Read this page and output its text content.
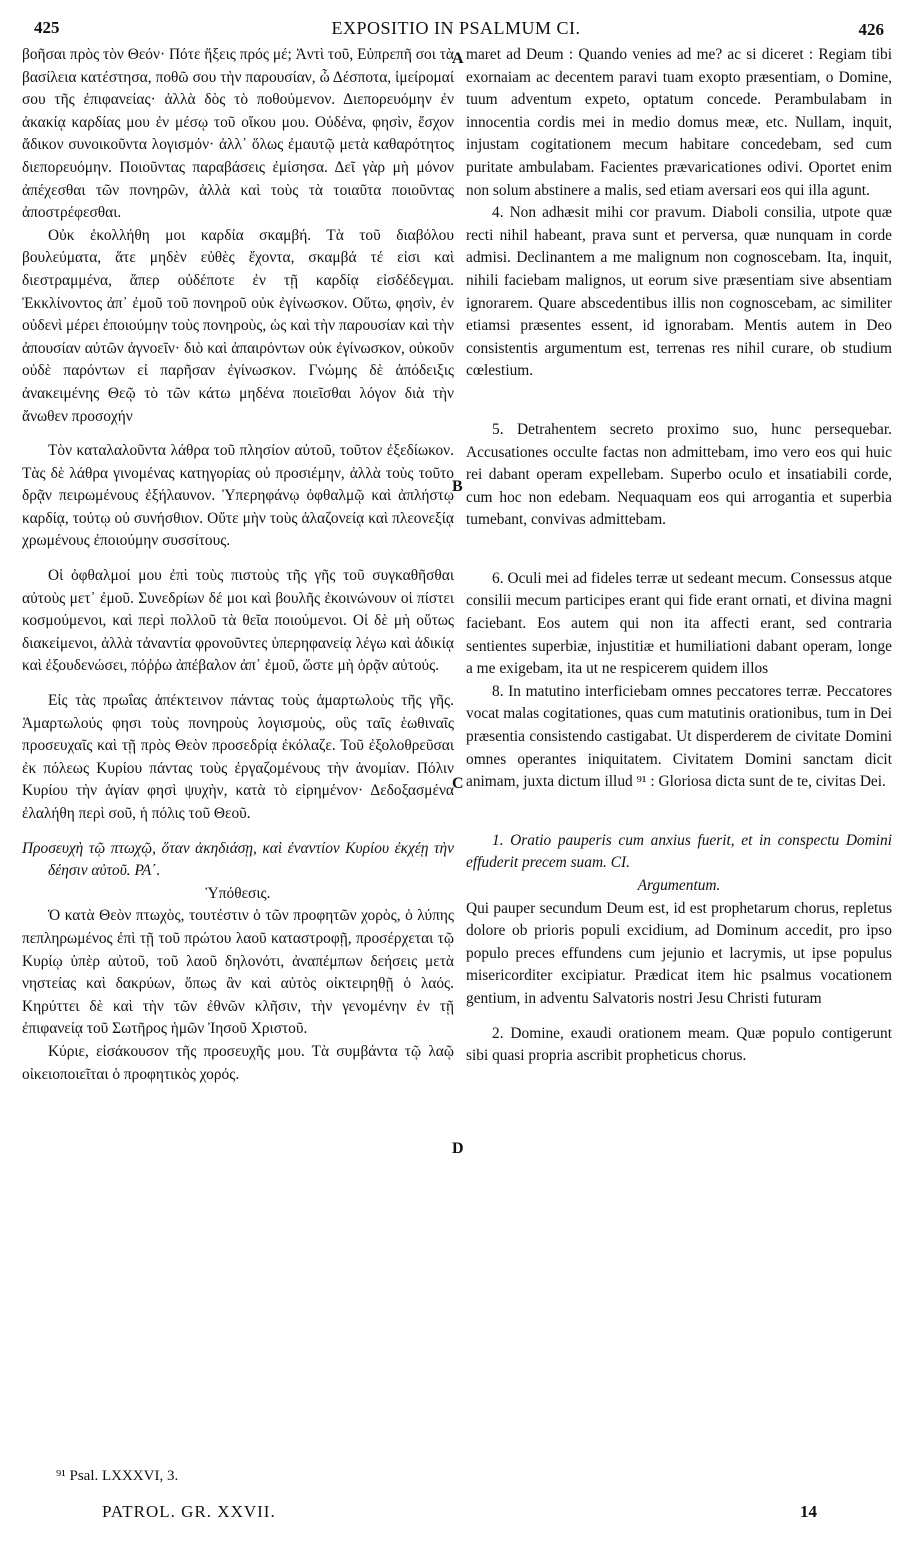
425	EXPOSITIO IN PSALMUM CI.	426

βοῆσαι πρὸς τὸν Θεόν· Πότε ἥξεις πρός μέ; Ἀντὶ τοῦ, Εὐπρεπῆ σοι τὰ βασίλεια κατέστησα, ποθῶ σου τὴν παρουσίαν, ὦ Δέσποτα, ἱμείρομαί σου τῆς ἐπιφανείας· ἀλλὰ δὸς τὸ ποθούμενον. Διεπορευόμην ἐν ἀκακίᾳ καρδίας μου ἐν μέσῳ τοῦ οἴκου μου. Οὐδένα, φησὶν, ἔσχον ἄδικον συνοικοῦντα λογισμόν· ἀλλ᾽ ὅλως ἐμαυτῷ μετὰ καθαρότητος διεπορευόμην. Ποιοῦντας παραβάσεις ἐμίσησα. Δεῖ γὰρ μὴ μόνον ἀπέχεσθαι τῶν πονηρῶν, ἀλλὰ καὶ τοὺς τὰ τοιαῦτα ποιοῦντας ἀποστρέφεσθαι.

Οὐκ ἐκολλήθη μοι καρδία σκαμβή. Τὰ τοῦ διαβόλου βουλεύματα, ἅτε μηδὲν εὐθὲς ἔχοντα, σκαμβά τέ εἰσι καὶ διεστραμμένα, ἅπερ οὐδέποτε ἐν τῇ καρδίᾳ εἰσδέδεγμαι. Ἐκκλίνοντος ἀπ᾽ ἐμοῦ τοῦ πονηροῦ οὐκ ἐγίνωσκον. Οὕτω, φησὶν, ἐν οὐδενὶ μέρει ἐποιούμην τοὺς πονηροὺς, ὡς καὶ τὴν παρουσίαν καὶ τὴν ἀπουσίαν αὐτῶν ἀγνοεῖν· διὸ καὶ ἀπαιρόντων οὐκ ἐγίνωσκον, οὐκοῦν οὐδὲ παρόντων εἰ παρῆσαν ἐγίνωσκον. Γνώμης δὲ ἀπόδειξις ἀνακειμένης Θεῷ τὸ τῶν κάτω μηδένα ποιεῖσθαι λόγον διὰ τὴν ἄνωθεν προσοχήν

Τὸν καταλαλοῦντα λάθρα τοῦ πλησίον αὐτοῦ, τοῦτον ἐξεδίωκον. Τὰς δὲ λάθρα γινομένας κατηγορίας οὐ προσιέμην, ἀλλὰ τοὺς τοῦτο δρᾷν πειρωμένους ἐξήλαυνον. Ὑπερηφάνῳ ὀφθαλμῷ καὶ ἀπλήστῳ καρδίᾳ, τούτῳ οὐ συνήσθιον. Οὔτε μὴν τοὺς ἀλαζονείᾳ καὶ πλεονεξίᾳ χρωμένους ἐποιούμην συσσίτους.

Οἱ ὀφθαλμοί μου ἐπὶ τοὺς πιστοὺς τῆς γῆς τοῦ συγκαθῆσθαι αὐτοὺς μετ᾽ ἐμοῦ. Συνεδρίων δέ μοι καὶ βουλῆς ἐκοινώνουν οἱ πίστει κοσμούμενοι, καὶ περὶ πολλοῦ τὰ θεῖα ποιούμενοι. Οἱ δὲ μὴ οὕτως διακείμενοι, ἀλλὰ τἀναντία φρονοῦντες ὑπερηφανείᾳ λέγω καὶ ἀδικίᾳ καὶ ἐξουδενώσει, πόῤῥω ἀπέβαλον ἀπ᾽ ἐμοῦ, ὥστε μὴ ὁρᾷν αὐτούς.

Εἰς τὰς πρωΐας ἀπέκτεινον πάντας τοὺς ἁμαρτωλοὺς τῆς γῆς. Ἁμαρτωλούς φησι τοὺς πονηροὺς λογισμοὺς, οὓς ταῖς ἑωθιναῖς προσευχαῖς καὶ τῇ πρὸς Θεὸν προσεδρίᾳ ἐκόλαζε. Τοῦ ἐξολοθρεῦσαι ἐκ πόλεως Κυρίου πάντας τοὺς ἐργαζομένους τὴν ἀνομίαν. Πόλιν Κυρίου τὴν ἁγίαν φησὶ ψυχὴν, κατὰ τὸ εἰρημένον· Δεδοξασμένα ἐλαλήθη περὶ σοῦ, ἡ πόλις τοῦ Θεοῦ.

Προσευχὴ τῷ πτωχῷ, ὅταν ἀκηδιάσῃ, καὶ ἐναντίον Κυρίου ἐκχέῃ τὴν δέησιν αὐτοῦ. ΡΑ΄.

Ὑπόθεσις.

Ὁ κατὰ Θεὸν πτωχὸς, τουτέστιν ὁ τῶν προφητῶν χορὸς, ὁ λύπης πεπληρωμένος ἐπὶ τῇ τοῦ πρώτου λαοῦ καταστροφῇ, προσέρχεται τῷ Κυρίῳ ὑπὲρ αὐτοῦ, τοῦ λαοῦ δηλονότι, ἀναπέμπων δεήσεις μετὰ νηστείας καὶ δακρύων, ὅπως ἂν καὶ αὐτὸς οἰκτειρηθῇ ὁ λαός. Κηρύττει δὲ καὶ τὴν τῶν ἐθνῶν κλῆσιν, τὴν γενομένην ἐν τῇ ἐπιφανείᾳ τοῦ Σωτῆρος ἡμῶν Ἰησοῦ Χριστοῦ.

Κύριε, εἰσάκουσον τῆς προσευχῆς μου. Τὰ συμβάντα τῷ λαῷ οἰκειοποιεῖται ὁ προφητικὸς χορός.

A
B
C
D

maret ad Deum : Quando venies ad me? ac si diceret : Regiam tibi exornaiam ac decentem paravi tuam exopto præsentiam, o Domine, tuum adventum expeto, optatum concede. Perambulabam in innocentia cordis mei in medio domus meæ, etc. Nullam, inquit, injustam cogitationem mecum habitare concedebam, sed cum puritate ambulabam. Facientes prævaricationes odivi. Oportet enim non solum abstinere a malis, sed etiam aversari eos qui illa agunt.

4. Non adhæsit mihi cor pravum. Diaboli consilia, utpote quæ recti nihil habeant, prava sunt et perversa, quæ nunquam in corde admisi. Declinantem a me malignum non cognoscebam. Ita, inquit, nihili faciebam malignos, ut eorum sive præsentiam sive absentiam ignorarem. Quare abscedentibus illis non cognoscebam, ac similiter etiamsi præsentes essent, id ignorabam. Mentis autem in Deo consistentis argumentum est, terrenas res nihil curare, ob studium cœlestium.

5. Detrahentem secreto proximo suo, hunc persequebar. Accusationes occulte factas non admittebam, imo vero eos qui huic rei dabant operam expellebam. Superbo oculo et insatiabili corde, cum hoc non edebam. Nequaquam eos qui arrogantia et superbia tumebant, convivas admittebam.

6. Oculi mei ad fideles terræ ut sedeant mecum. Consessus atque consilii mecum participes erant qui fide erant ornati, et divina magni faciebant. Eos autem qui non ita affecti erant, sed contraria sentientes superbiæ, injustitiæ et humiliationi dabant operam, longe a me exigebam, ita ut ne respicerem quidem illos

8. In matutino interficiebam omnes peccatores terræ. Peccatores vocat malas cogitationes, quas cum matutinis orationibus, tum in Dei præsentia consistendo castigabat. Ut disperderem de civitate Domini omnes operantes iniquitatem. Civitatem Domini sanctam dicit animam, juxta dictum illud ⁹¹ : Gloriosa dicta sunt de te, civitas Dei.

1. Oratio pauperis cum anxius fuerit, et in conspectu Domini effuderit precem suam. CI.

Argumentum.

Qui pauper secundum Deum est, id est prophetarum chorus, repletus dolore ob prioris populi excidium, ad Dominum accedit, pro ipso populo preces effundens cum jejunio et lacrymis, ut ipse populus misericorditer excipiatur. Prædicat item hic psalmus vocationem gentium, in adventu Salvatoris nostri Jesu Christi futuram

2. Domine, exaudi orationem meam. Quæ populo contigerunt sibi quasi propria ascribit propheticus chorus.

⁹¹ Psal. LXXXVI, 3.
PATROL. GR. XXVII.	14
